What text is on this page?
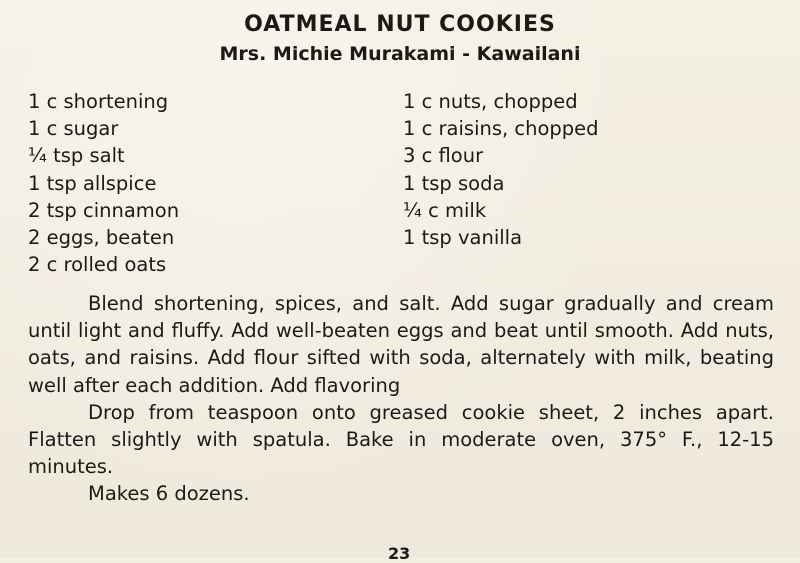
OATMEAL NUT COOKIES
Mrs. Michie Murakami - Kawailani
1 c shortening
1 c sugar
¼ tsp salt
1 tsp allspice
2 tsp cinnamon
2 eggs, beaten
2 c rolled oats
1 c nuts, chopped
1 c raisins, chopped
3 c flour
1 tsp soda
¼ c milk
1 tsp vanilla

Blend shortening, spices, and salt. Add sugar gradually and cream until light and fluffy. Add well-beaten eggs and beat until smooth. Add nuts, oats, and raisins. Add flour sifted with soda, alternately with milk, beating well after each addition. Add flavoring

Drop from teaspoon onto greased cookie sheet, 2 inches apart. Flatten slightly with spatula. Bake in moderate oven, 375° F., 12-15 minutes.

Makes 6 dozens.

23
